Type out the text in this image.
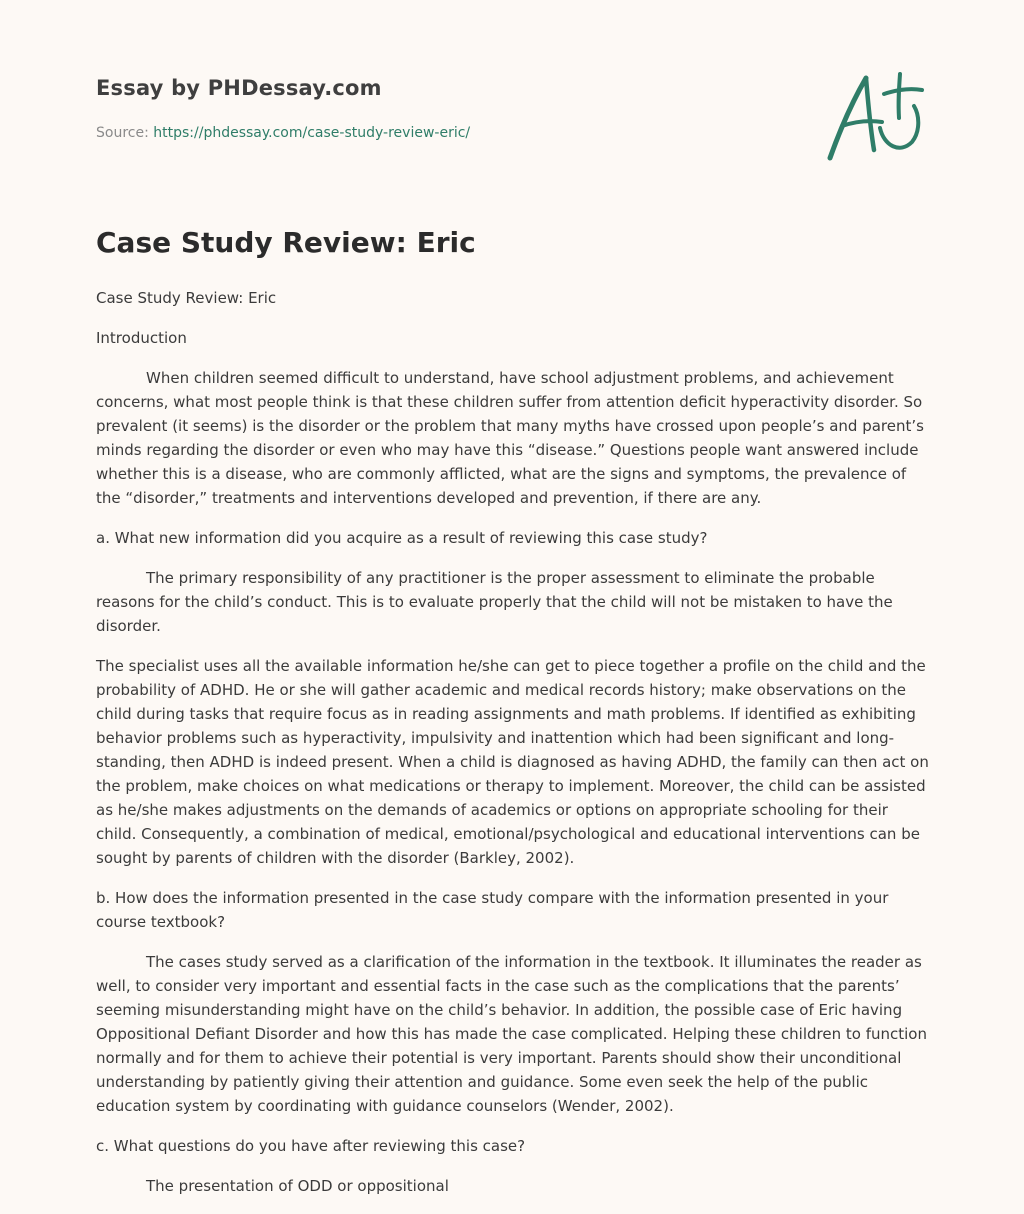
Essay by PHDessay.com
Source: https://phdessay.com/case-study-review-eric/
Case Study Review: Eric

Case Study Review: Eric

Introduction

When children seemed difficult to understand, have school adjustment problems, and achievement concerns, what most people think is that these children suffer from attention deficit hyperactivity disorder. So prevalent (it seems) is the disorder or the problem that many myths have crossed upon people’s and parent’s minds regarding the disorder or even who may have this “disease.” Questions people want answered include whether this is a disease, who are commonly afflicted, what are the signs and symptoms, the prevalence of the “disorder,” treatments and interventions developed and prevention, if there are any.

a. What new information did you acquire as a result of reviewing this case study?

The primary responsibility of any practitioner is the proper assessment to eliminate the probable reasons for the child’s conduct. This is to evaluate properly that the child will not be mistaken to have the disorder.

The specialist uses all the available information he/she can get to piece together a profile on the child and the probability of ADHD. He or she will gather academic and medical records history; make observations on the child during tasks that require focus as in reading assignments and math problems. If identified as exhibiting behavior problems such as hyperactivity, impulsivity and inattention which had been significant and long-standing, then ADHD is indeed present. When a child is diagnosed as having ADHD, the family can then act on the problem, make choices on what medications or therapy to implement. Moreover, the child can be assisted as he/she makes adjustments on the demands of academics or options on appropriate schooling for their child. Consequently, a combination of medical, emotional/psychological and educational interventions can be sought by parents of children with the disorder (Barkley, 2002).

b. How does the information presented in the case study compare with the information presented in your course textbook?

The cases study served as a clarification of the information in the textbook. It illuminates the reader as well, to consider very important and essential facts in the case such as the complications that the parents’ seeming misunderstanding might have on the child’s behavior. In addition, the possible case of Eric having Oppositional Defiant Disorder and how this has made the case complicated. Helping these children to function normally and for them to achieve their potential is very important. Parents should show their unconditional understanding by patiently giving their attention and guidance. Some even seek the help of the public education system by coordinating with guidance counselors (Wender, 2002).

c. What questions do you have after reviewing this case?

The presentation of ODD or oppositional
